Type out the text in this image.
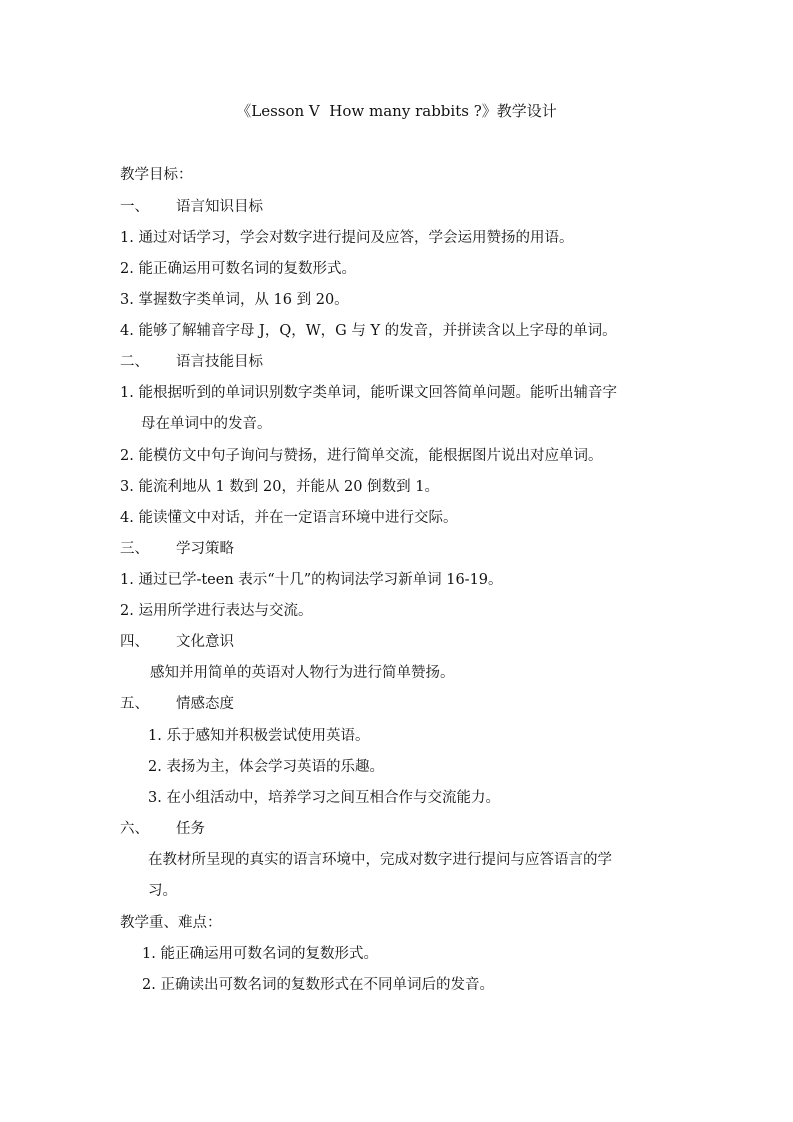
《Lesson V  How many rabbits ?》教学设计
教学目标：
一、 语言知识目标
1. 通过对话学习，学会对数字进行提问及应答，学会运用赞扬的用语。
2. 能正确运用可数名词的复数形式。
3. 掌握数字类单词，从 16 到 20。
4. 能够了解辅音字母 J，Q，W，G 与 Y 的发音，并拼读含以上字母的单词。
二、 语言技能目标
1. 能根据听到的单词识别数字类单词，能听课文回答简单问题。能听出辅音字
母在单词中的发音。
2. 能模仿文中句子询问与赞扬，进行简单交流，能根据图片说出对应单词。
3. 能流利地从 1 数到 20，并能从 20 倒数到 1。
4. 能读懂文中对话，并在一定语言环境中进行交际。
三、 学习策略
1. 通过已学-teen 表示“十几”的构词法学习新单词 16-19。
2. 运用所学进行表达与交流。
四、 文化意识
感知并用简单的英语对人物行为进行简单赞扬。
五、 情感态度
1. 乐于感知并积极尝试使用英语。
2. 表扬为主，体会学习英语的乐趣。
3. 在小组活动中，培养学习之间互相合作与交流能力。
六、 任务
在教材所呈现的真实的语言环境中，完成对数字进行提问与应答语言的学
习。
教学重、难点：
1. 能正确运用可数名词的复数形式。
2. 正确读出可数名词的复数形式在不同单词后的发音。
